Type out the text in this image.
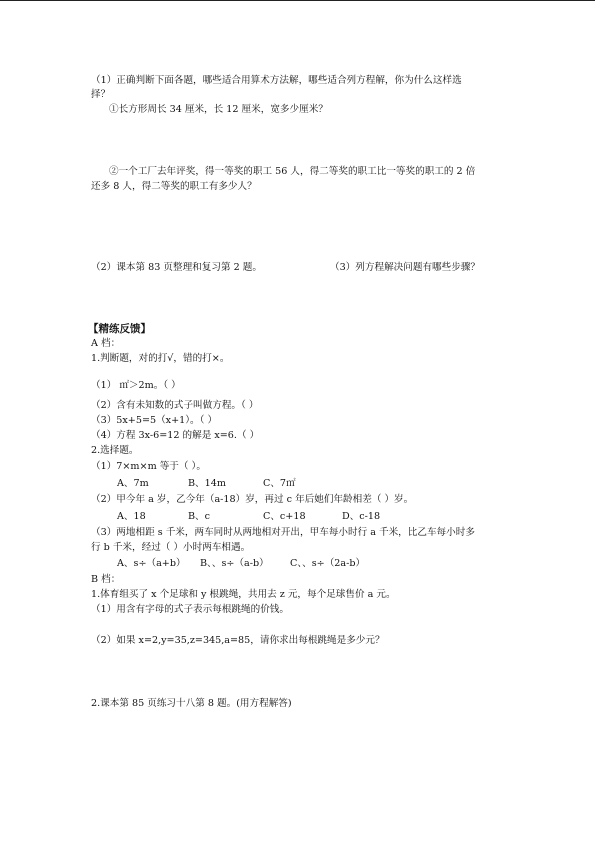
（1）正确判断下面各题，哪些适合用算术方法解，哪些适合列方程解，你为什么这样选
择？
①长方形周长 34 厘米，长 12 厘米，宽多少厘米？
②一个工厂去年评奖，得一等奖的职工 56 人，得二等奖的职工比一等奖的职工的 2 倍
还多 8 人，得二等奖的职工有多少人？
（2）课本第 83 页整理和复习第 2 题。	（3）列方程解决问题有哪些步骤？
【精练反馈】
A 档：
1.判断题，对的打√，错的打×。
（1） ㎡＞2m。（ ）
（2）含有未知数的式子叫做方程。（ ）
（3）5x+5=5（x+1）。（ ）
（4）方程 3x-6=12 的解是 x=6.（ ）
2.选择题。
（1）7×m×m 等于（ ）。
A、7m	B、14m	C、7㎡
（2）甲今年 a 岁，乙今年（a-18）岁，再过 c 年后她们年龄相差（ ）岁。
A、18	B、c	C、c+18	D、c-18
（3）两地相距 s 千米，两车同时从两地相对开出，甲车每小时行 a 千米，比乙车每小时多
行 b 千米，经过（ ）小时两车相遇。
A、s÷（a+b） B、、s÷（a-b） C、、s÷（2a-b）
B 档：
1.体育组买了 x 个足球和 y 根跳绳，共用去 z 元，每个足球售价 a 元。
（1）用含有字母的式子表示每根跳绳的价钱。
（2）如果 x=2,y=35,z=345,a=85，请你求出每根跳绳是多少元？
2.课本第 85 页练习十八第 8 题。(用方程解答)
